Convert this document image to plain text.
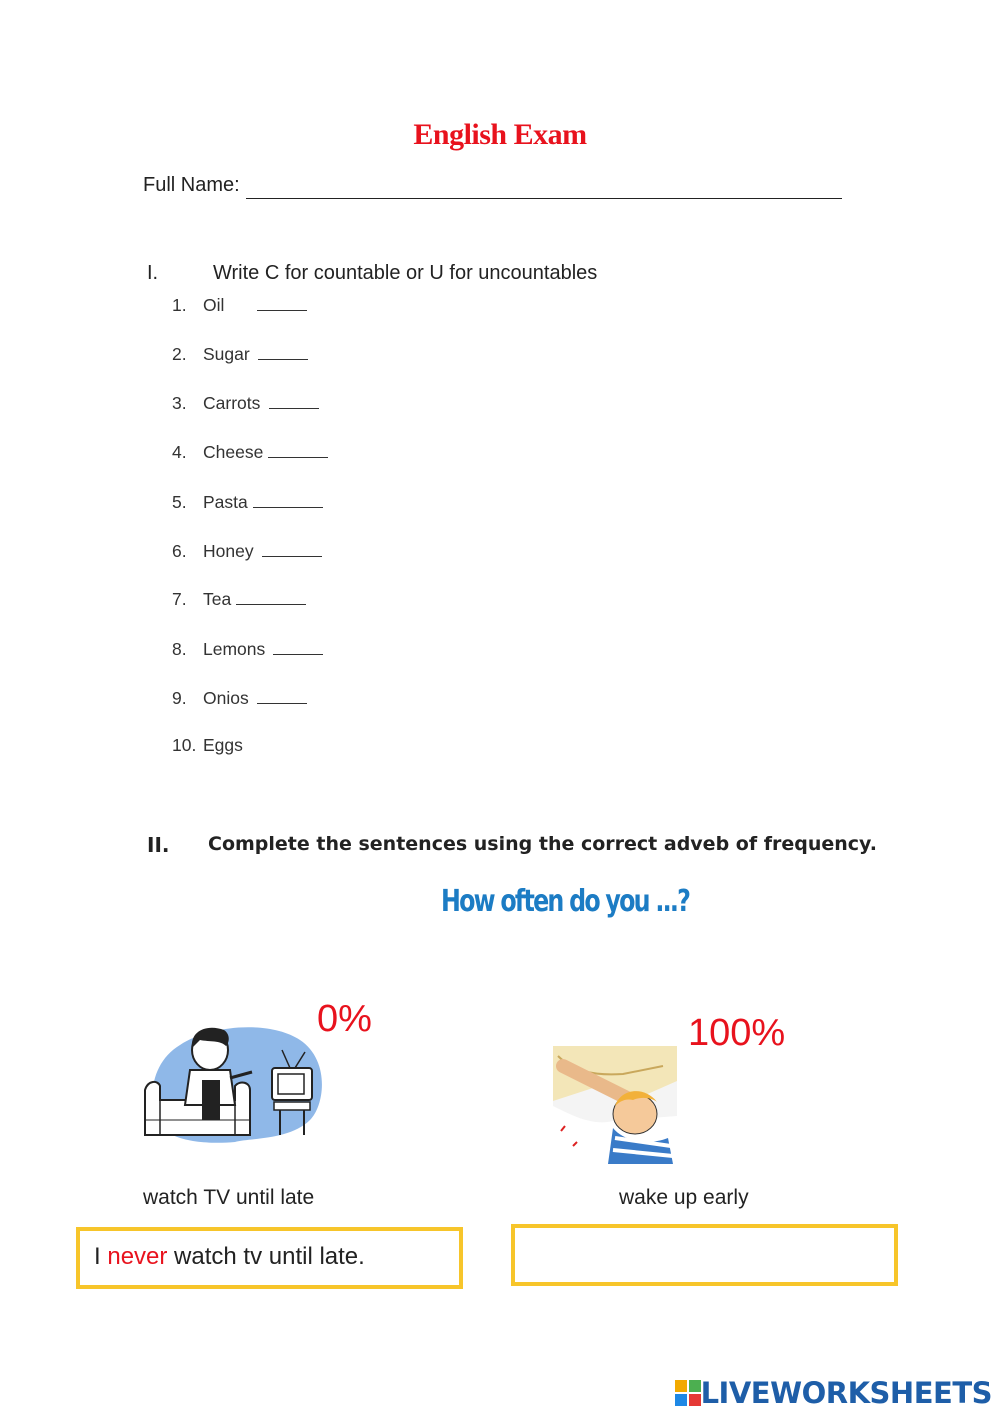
English Exam
Full Name:
I.	Write C for countable or U for uncountables
1. Oil
2. Sugar
3. Carrots
4. Cheese
5. Pasta
6. Honey
7. Tea
8. Lemons
9. Onios
10. Eggs
II. Complete the sentences using the correct adveb of frequency.
How often do you ...?
0%
watch TV until late
I never watch tv until late.
100%
wake up early
LIVEWORKSHEETS
